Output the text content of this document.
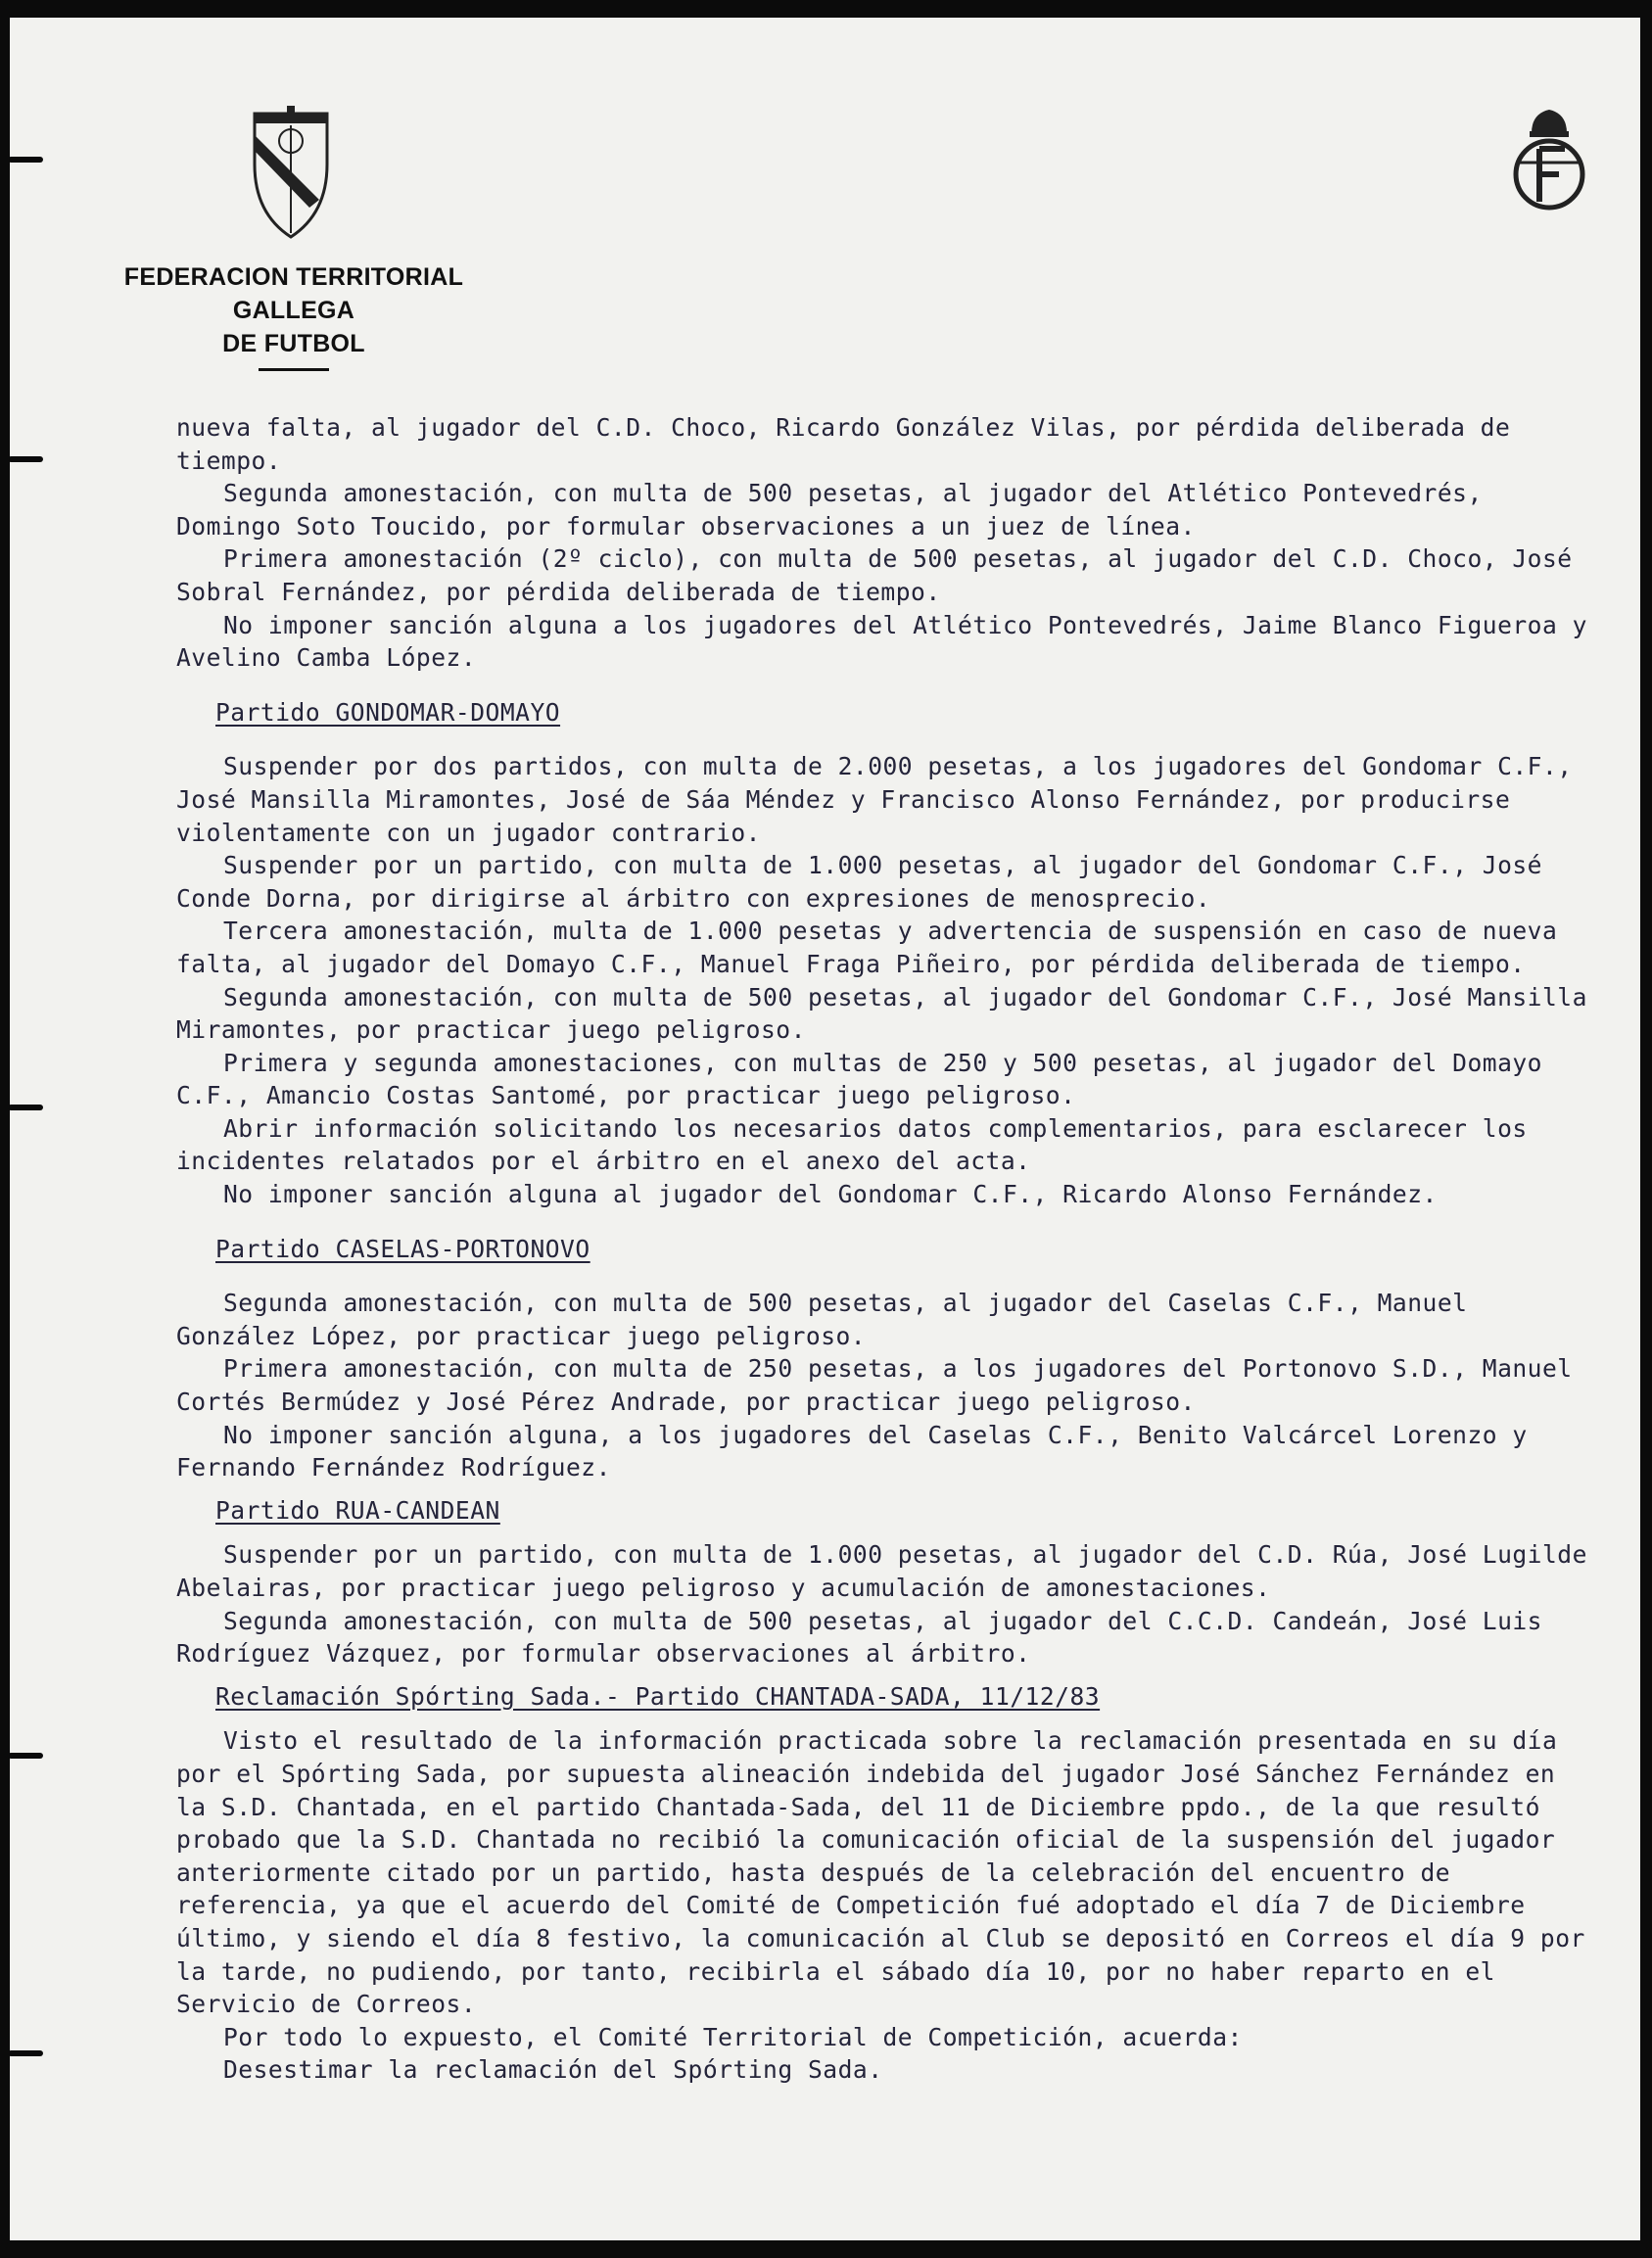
FEDERACION TERRITORIAL GALLEGA
DE FUTBOL

nueva falta, al jugador del C.D. Choco, Ricardo González Vilas, por pérdida deliberada de tiempo.

Segunda amonestación, con multa de 500 pesetas, al jugador del Atlético Pontevedrés, Domingo Soto Toucido, por formular observaciones a un juez de línea.

Primera amonestación (2º ciclo), con multa de 500 pesetas, al jugador del C.D. Choco, José Sobral Fernández, por pérdida deliberada de tiempo.

No imponer sanción alguna a los jugadores del Atlético Pontevedrés, Jaime Blanco Figueroa y Avelino Camba López.

Partido GONDOMAR-DOMAYO

Suspender por dos partidos, con multa de 2.000 pesetas, a los jugadores del Gondomar C.F., José Mansilla Miramontes, José de Sáa Méndez y Francisco Alonso Fernández, por producirse violentamente con un jugador contrario.

Suspender por un partido, con multa de 1.000 pesetas, al jugador del Gondomar C.F., José Conde Dorna, por dirigirse al árbitro con expresiones de menosprecio.

Tercera amonestación, multa de 1.000 pesetas y advertencia de suspensión en caso de nueva falta, al jugador del Domayo C.F., Manuel Fraga Piñeiro, por pérdida deliberada de tiempo.

Segunda amonestación, con multa de 500 pesetas, al jugador del Gondomar C.F., José Mansilla Miramontes, por practicar juego peligroso.

Primera y segunda amonestaciones, con multas de 250 y 500 pesetas, al jugador del Domayo C.F., Amancio Costas Santomé, por practicar juego peligroso.

Abrir información solicitando los necesarios datos complementarios, para esclarecer los incidentes relatados por el árbitro en el anexo del acta.

No imponer sanción alguna al jugador del Gondomar C.F., Ricardo Alonso Fernández.

Partido CASELAS-PORTONOVO

Segunda amonestación, con multa de 500 pesetas, al jugador del Caselas C.F., Manuel González López, por practicar juego peligroso.

Primera amonestación, con multa de 250 pesetas, a los jugadores del Portonovo S.D., Manuel Cortés Bermúdez y José Pérez Andrade, por practicar juego peligroso.

No imponer sanción alguna, a los jugadores del Caselas C.F., Benito Valcárcel Lorenzo y Fernando Fernández Rodríguez.

Partido RUA-CANDEAN

Suspender por un partido, con multa de 1.000 pesetas, al jugador del C.D. Rúa, José Lugilde Abelairas, por practicar juego peligroso y acumulación de amonestaciones.

Segunda amonestación, con multa de 500 pesetas, al jugador del C.C.D. Candeán, José Luis Rodríguez Vázquez, por formular observaciones al árbitro.

Reclamación Spórting Sada.- Partido CHANTADA-SADA, 11/12/83

Visto el resultado de la información practicada sobre la reclamación presentada en su día por el Spórting Sada, por supuesta alineación indebida del jugador José Sánchez Fernández en la S.D. Chantada, en el partido Chantada-Sada, del 11 de Diciembre ppdo., de la que resultó probado que la S.D. Chantada no recibió la comunicación oficial de la suspensión del jugador anteriormente citado por un partido, hasta después de la celebración del encuentro de referencia, ya que el acuerdo del Comité de Competición fué adoptado el día 7 de Diciembre último, y siendo el día 8 festivo, la comunicación al Club se depositó en Correos el día 9 por la tarde, no pudiendo, por tanto, recibirla el sábado día 10, por no haber reparto en el Servicio de Correos.

Por todo lo expuesto, el Comité Territorial de Competición, acuerda:

Desestimar la reclamación del Spórting Sada.
